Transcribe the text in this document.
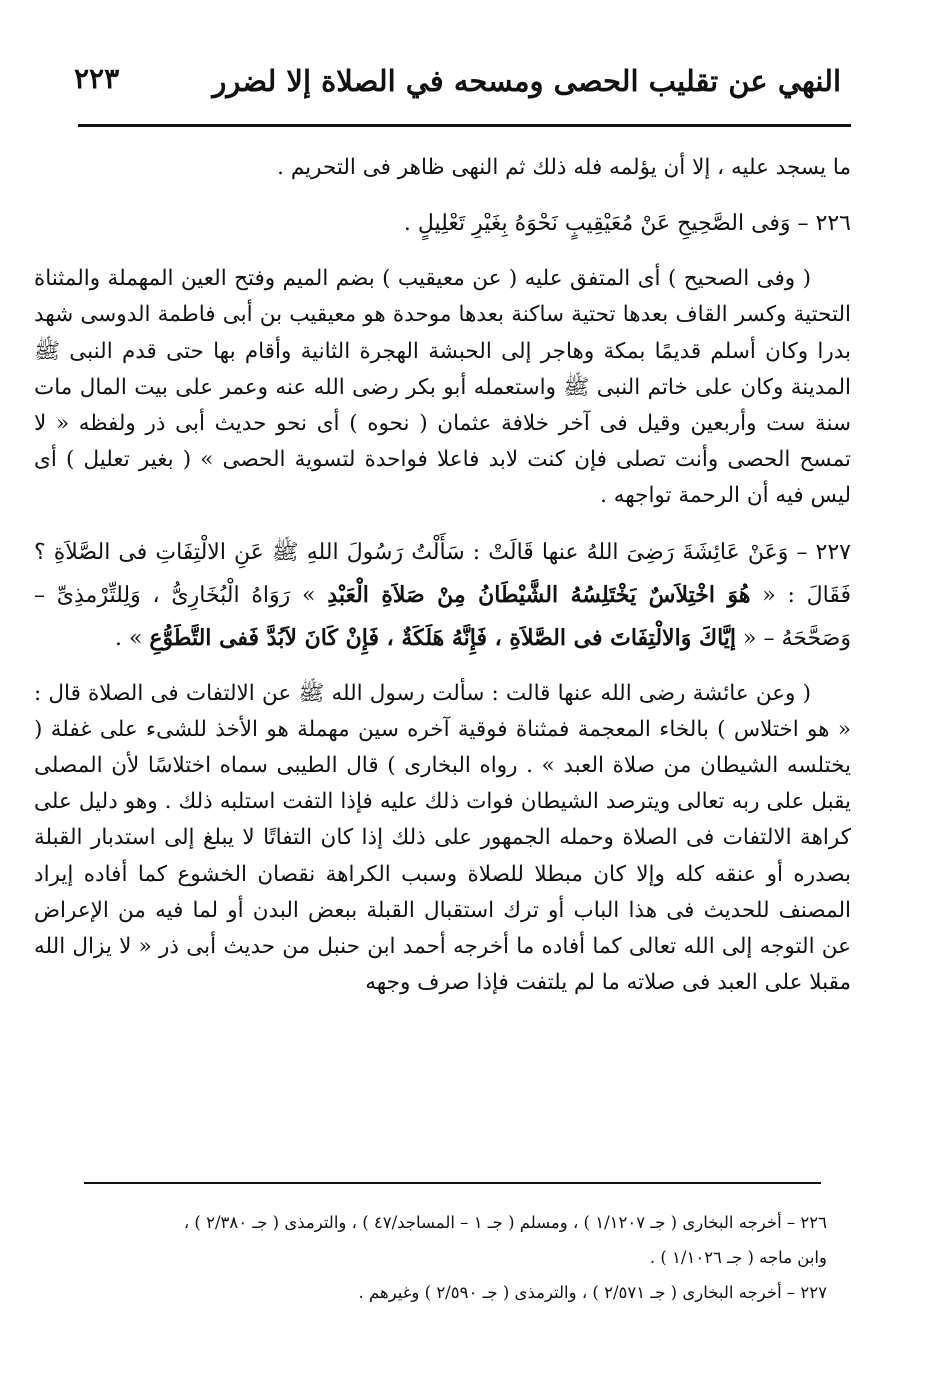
النهي عن تقليب الحصى ومسحه في الصلاة إلا لضرر
٢٢٣

ما يسجد عليه ، إلا أن يؤلمه فله ذلك ثم النهى ظاهر فى التحريم .

٢٢٦ – وَفى الصَّحِيحِ عَنْ مُعَيْقِيبٍ نَحْوَهُ بِغَيْرِ تَعْلِيلٍ .

( وفى الصحيح ) أى المتفق عليه ( عن معيقيب ) بضم الميم وفتح العين المهملة والمثناة التحتية وكسر القاف بعدها تحتية ساكنة بعدها موحدة هو معيقيب بن أبى فاطمة الدوسى شهد بدرا وكان أسلم قديمًا بمكة وهاجر إلى الحبشة الهجرة الثانية وأقام بها حتى قدم النبى ﷺ المدينة وكان على خاتم النبى ﷺ واستعمله أبو بكر رضى الله عنه وعمر على بيت المال مات سنة ست وأربعين وقيل فى آخر خلافة عثمان ( نحوه ) أى نحو حديث أبى ذر ولفظه « لا تمسح الحصى وأنت تصلى فإن كنت لابد فاعلا فواحدة لتسوية الحصى » ( بغير تعليل ) أى ليس فيه أن الرحمة تواجهه .

٢٢٧ – وَعَنْ عَائِشَةَ رَضِىَ اللهُ عنها قَالَتْ : سَأَلْتُ رَسُولَ اللهِ ﷺ عَنِ الالْتِفَاتِ فى الصَّلاَةِ ؟ فَقَالَ : « هُوَ اخْتِلاَسٌ يَخْتَلِسُهُ الشَّيْطَانُ مِنْ صَلاَةِ الْعَبْدِ » رَوَاهُ الْبُخَارِىُّ ، وَلِلتِّرْمذِىِّ – وَصَحَّحَهُ – « إيَّاكَ وَالالْتِفَاتَ فى الصَّلاَةِ ، فَإِنَّهُ هَلَكَةٌ ، فَإِنْ كَانَ لاَبُدَّ فَفى التَّطَوُّعِ » .

( وعن عائشة رضى الله عنها قالت : سألت رسول الله ﷺ عن الالتفات فى الصلاة قال : « هو اختلاس ) بالخاء المعجمة فمثناة فوقية آخره سين مهملة هو الأخذ للشىء على غفلة ( يختلسه الشيطان من صلاة العبد » . رواه البخارى ) قال الطيبى سماه اختلاسًا لأن المصلى يقبل على ربه تعالى ويترصد الشيطان فوات ذلك عليه فإذا التفت استلبه ذلك . وهو دليل على كراهة الالتفات فى الصلاة وحمله الجمهور على ذلك إذا كان التفاتًا لا يبلغ إلى استدبار القبلة بصدره أو عنقه كله وإلا كان مبطلا للصلاة وسبب الكراهة نقصان الخشوع كما أفاده إيراد المصنف للحديث فى هذا الباب أو ترك استقبال القبلة ببعض البدن أو لما فيه من الإعراض عن التوجه إلى الله تعالى كما أفاده ما أخرجه أحمد ابن حنبل من حديث أبى ذر « لا يزال الله مقبلا على العبد فى صلاته ما لم يلتفت فإذا صرف وجهه

٢٢٦ – أخرجه البخارى ( جـ ١/١٢٠٧ ) ، ومسلم ( جـ ١ – المساجد/٤٧ ) ، والترمذى ( جـ ٢/٣٨٠ ) ،

وابن ماجه ( جـ ١/١٠٢٦ ) .

٢٢٧ – أخرجه البخارى ( جـ ٢/٥٧١ ) ، والترمذى ( جـ ٢/٥٩٠ ) وغيرهم .
